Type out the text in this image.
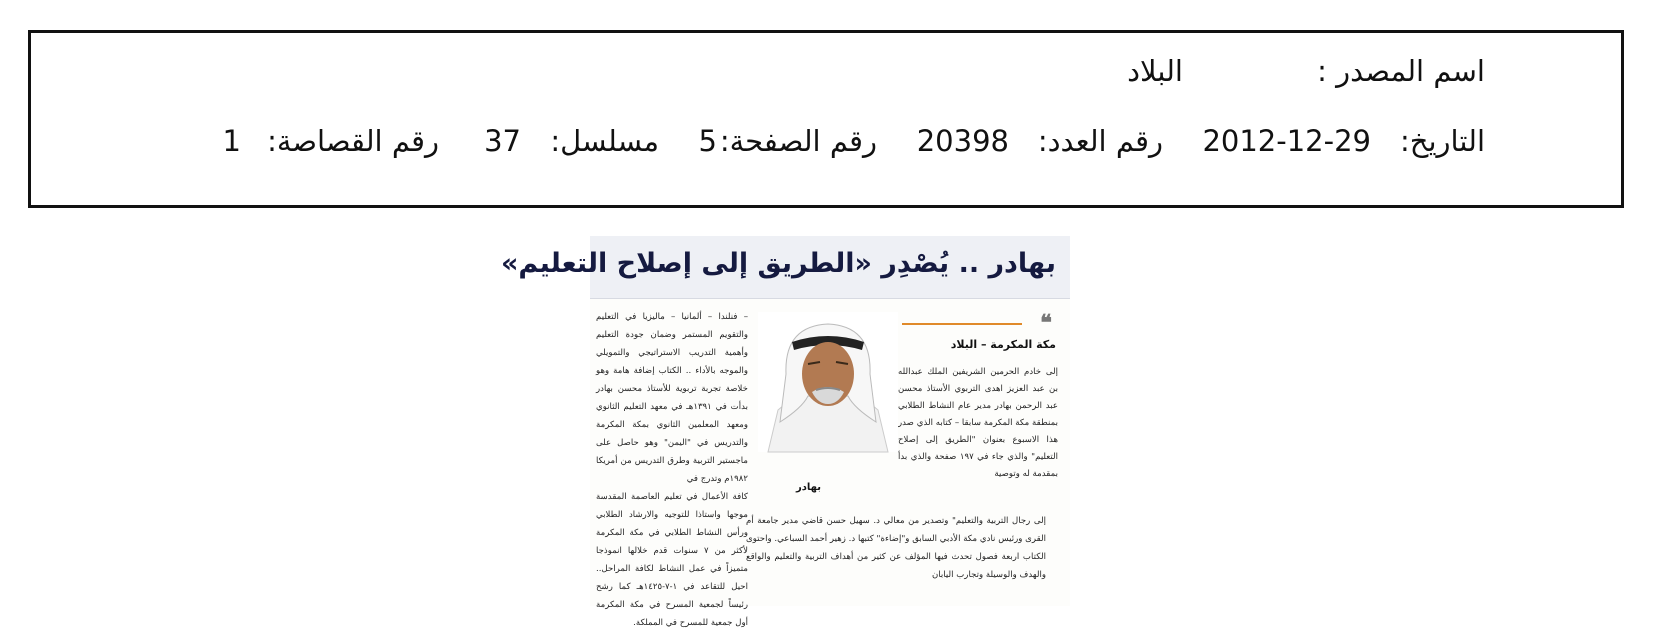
اسم المصدر :
البلاد
التاريخ:
2012-12-29
رقم العدد:
20398
رقم الصفحة:
5
مسلسل:
37
رقم القصاصة:
1
بهادر .. يُصْدِر «الطريق إلى إصلاح التعليم»
❝
مكة المكرمة – البلاد
إلى خادم الحرمين الشريفين الملك عبدالله بن عبد العزيز اهدى التربوي الأستاذ محسن عبد الرحمن بهادر مدير عام النشاط الطلابي بمنطقة مكة المكرمة سابقا – كتابه الذي صدر هذا الاسبوع بعنوان "الطريق إلى إصلاح التعليم" والذي جاء في ١٩٧ صفحة والذي بدأ بمقدمة له وتوصية
بهادر
– فنلندا – ألمانيا – ماليزيا في التعليم والتقويم المستمر وضمان جودة التعليم وأهمية التدريب الاستراتيجي والتمويلي والموجه بالأداء .. الكتاب إضافة هامة وهو خلاصة تجربة تربوية للأستاذ محسن بهادر بدأت في ١٣٩١هـ في معهد التعليم الثانوي ومعهد المعلمين الثانوي بمكة المكرمة والتدريس في "اليمن" وهو حاصل على ماجستير التربية وطرق التدريس من أمريكا ١٩٨٢م وتدرج في
إلى رجال التربية والتعليم" وتصدير من معالي د. سهيل حسن قاضي مدير جامعة أم القرى ورئيس نادي مكة الأدبي السابق و"إضاءة" كتبها د. زهير أحمد السباعي. واحتوى الكتاب اربعة فصول تحدث فيها المؤلف عن كثير من أهداف التربية والتعليم والواقع والهدف والوسيلة وتجارب اليابان
كافة الأعمال في تعليم العاصمة المقدسة موجها واستاذا للتوجيه والارشاد الطلابي ورأس النشاط الطلابي في مكة المكرمة لأكثر من ٧ سنوات قدم خلالها انموذجا متميزاً في عمل النشاط لكافة المراحل.. احيل للتقاعد في ١-٧-١٤٢٥هـ كما رشح رئيساً لجمعية المسرح في مكة المكرمة أول جمعية للمسرح في المملكة.
